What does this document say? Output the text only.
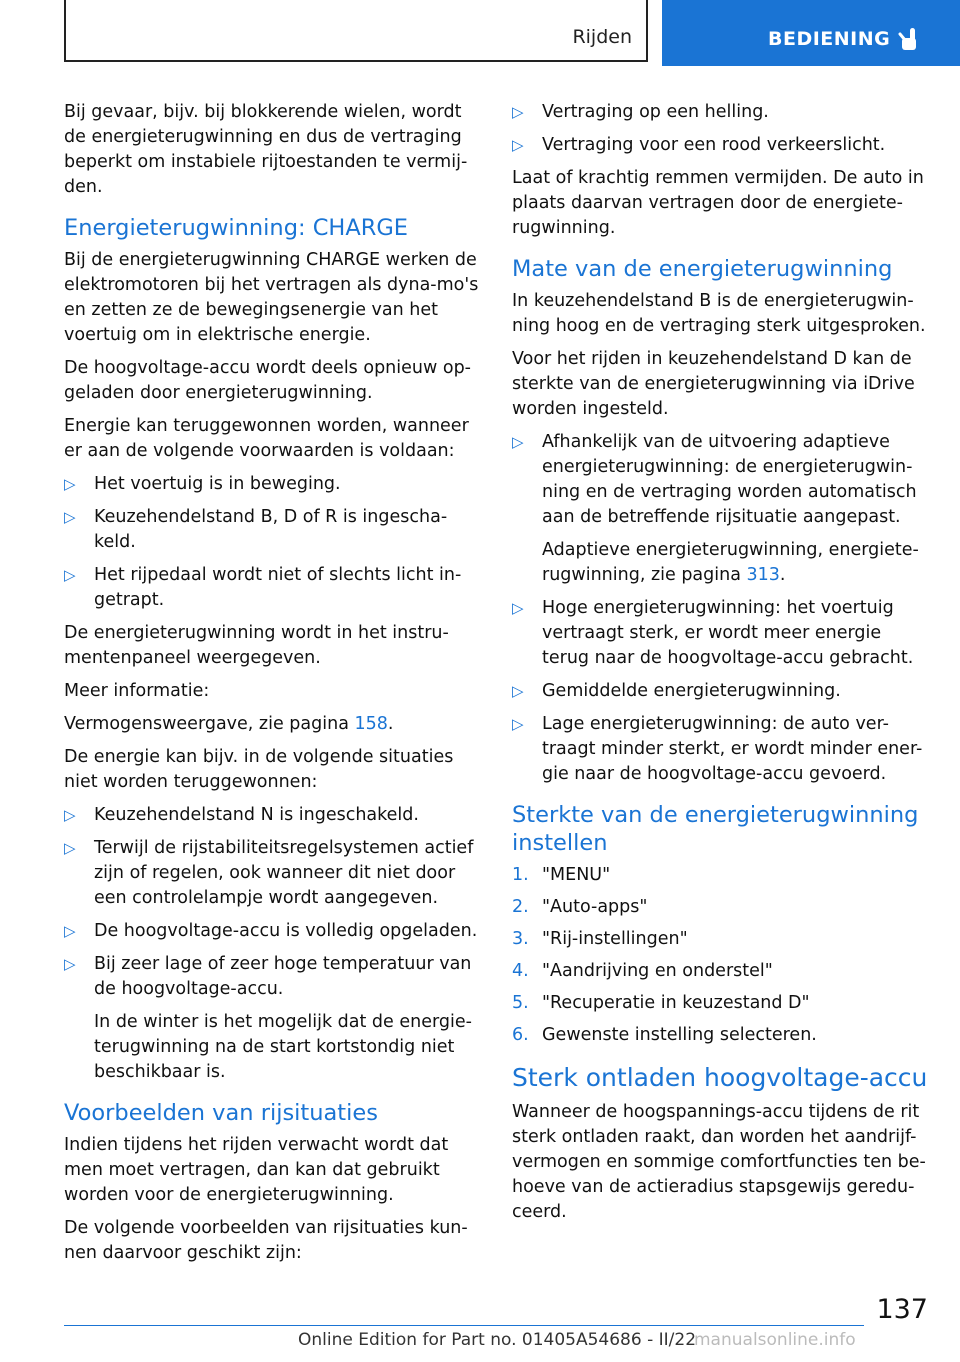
Rijden	BEDIENING

Bij gevaar, bijv. bij blokkerende wielen, wordt de energieterugwinning en dus de vertraging beperkt om instabiele rijtoestanden te vermij-den.

Energieterugwinning: CHARGE

Bij de energieterugwinning CHARGE werken de elektromotoren bij het vertragen als dyna-mo's en zetten ze de bewegingsenergie van het voertuig om in elektrische energie.

De hoogvoltage-accu wordt deels opnieuw op-geladen door energieterugwinning.

Energie kan teruggewonnen worden, wanneer er aan de volgende voorwaarden is voldaan:

▷ Het voertuig is in beweging.
▷ Keuzehendelstand B, D of R is ingescha-keld.
▷ Het rijpedaal wordt niet of slechts licht in-getrapt.

De energieterugwinning wordt in het instru-mentenpaneel weergegeven.

Meer informatie:

Vermogensweergave, zie pagina 158.

De energie kan bijv. in de volgende situaties niet worden teruggewonnen:

▷ Keuzehendelstand N is ingeschakeld.
▷ Terwijl de rijstabiliteitsregelsystemen actief zijn of regelen, ook wanneer dit niet door een controlelampje wordt aangegeven.
▷ De hoogvoltage-accu is volledig opgeladen.
▷ Bij zeer lage of zeer hoge temperatuur van de hoogvoltage-accu.
In de winter is het mogelijk dat de energie-terugwinning na de start kortstondig niet beschikbaar is.
Voorbeelden van rijsituaties

Indien tijdens het rijden verwacht wordt dat men moet vertragen, dan kan dat gebruikt worden voor de energieterugwinning.

De volgende voorbeelden van rijsituaties kun-nen daarvoor geschikt zijn:

▷ Vertraging op een helling.
▷ Vertraging voor een rood verkeerslicht.

Laat of krachtig remmen vermijden. De auto in plaats daarvan vertragen door de energiete-rugwinning.

Mate van de energieterugwinning

In keuzehendelstand B is de energieterugwin-ning hoog en de vertraging sterk uitgesproken.

Voor het rijden in keuzehendelstand D kan de sterkte van de energieterugwinning via iDrive worden ingesteld.

▷ Afhankelijk van de uitvoering adaptieve energieterugwinning: de energieterugwin-ning en de vertraging worden automatisch aan de betreffende rijsituatie aangepast.
Adaptieve energieterugwinning, energiete-rugwinning, zie pagina 313.
▷ Hoge energieterugwinning: het voertuig vertraagt sterk, er wordt meer energie terug naar de hoogvoltage-accu gebracht.
▷ Gemiddelde energieterugwinning.
▷ Lage energieterugwinning: de auto ver-traagt minder sterkt, er wordt minder ener-gie naar de hoogvoltage-accu gevoerd.
Sterkte van de energieterugwinning instellen
1. "MENU"
2. "Auto-apps"
3. "Rij-instellingen"
4. "Aandrijving en onderstel"
5. "Recuperatie in keuzestand D"
6. Gewenste instelling selecteren.
Sterk ontladen hoogvoltage-accu

Wanneer de hoogspannings-accu tijdens de rit sterk ontladen raakt, dan worden het aandrijf-vermogen en sommige comfortfuncties ten be-hoeve van de actieradius stapsgewijs geredu-ceerd.

137
Online Edition for Part no. 01405A54686 - II/22
manualsonline.info
